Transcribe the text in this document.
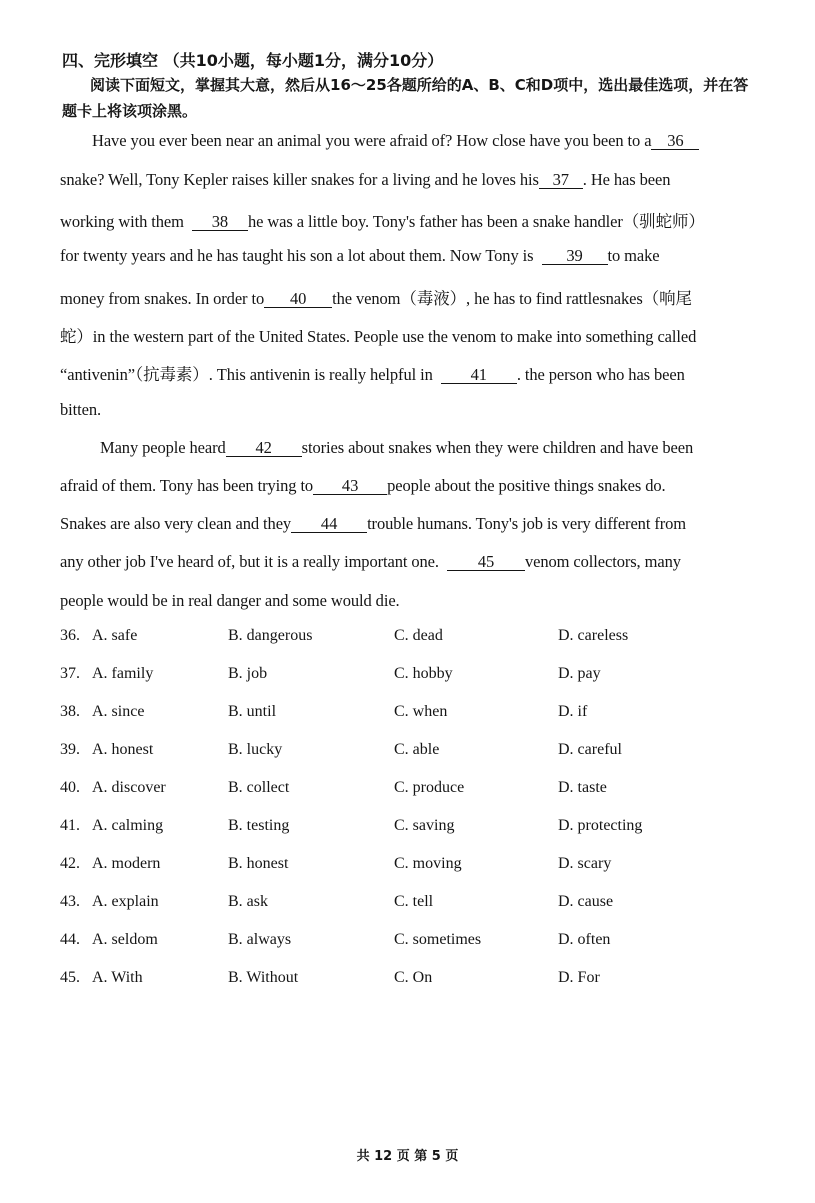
四、完形填空 （共10小题，每小题1分，满分10分）
阅读下面短文，掌握其大意，然后从16～25各题所给的A、B、C和D项中，选出最佳选项，并在答题卡上将该项涂黑。
Have you ever been near an animal you were afraid of? How close have you been to a 36
snake? Well, Tony Kepler raises killer snakes for a living and he loves his 37 . He has been
working with them 38 he was a little boy. Tony's father has been a snake handler（驯蛇师）
for twenty years and he has taught his son a lot about them. Now Tony is 39 to make
money from snakes. In order to 40 the venom（毒液）, he has to find rattlesnakes（响尾
蛇）in the western part of the United States. People use the venom to make into something called
“antivenin”（抗毒素）. This antivenin is really helpful in 41 . the person who has been
bitten.
Many people heard 42 stories about snakes when they were children and have been
afraid of them. Tony has been trying to 43 people about the positive things snakes do.
Snakes are also very clean and they 44 trouble humans. Tony's job is very different from
any other job I've heard of, but it is a really important one. 45 venom collectors, many
people would be in real danger and some would die.
36. A. safe	B. dangerous	C. dead	D. careless
37. A. family	B. job	C. hobby	D. pay
38. A. since	B. until	C. when	D. if
39. A. honest	B. lucky	C. able	D. careful
40. A. discover	B. collect	C. produce	D. taste
41. A. calming	B. testing	C. saving	D. protecting
42. A. modern	B. honest	C. moving	D. scary
43. A. explain	B. ask	C. tell	D. cause
44. A. seldom	B. always	C. sometimes	D. often
45. A. With	B. Without	C. On	D. For
共 12 页 第 5 页
